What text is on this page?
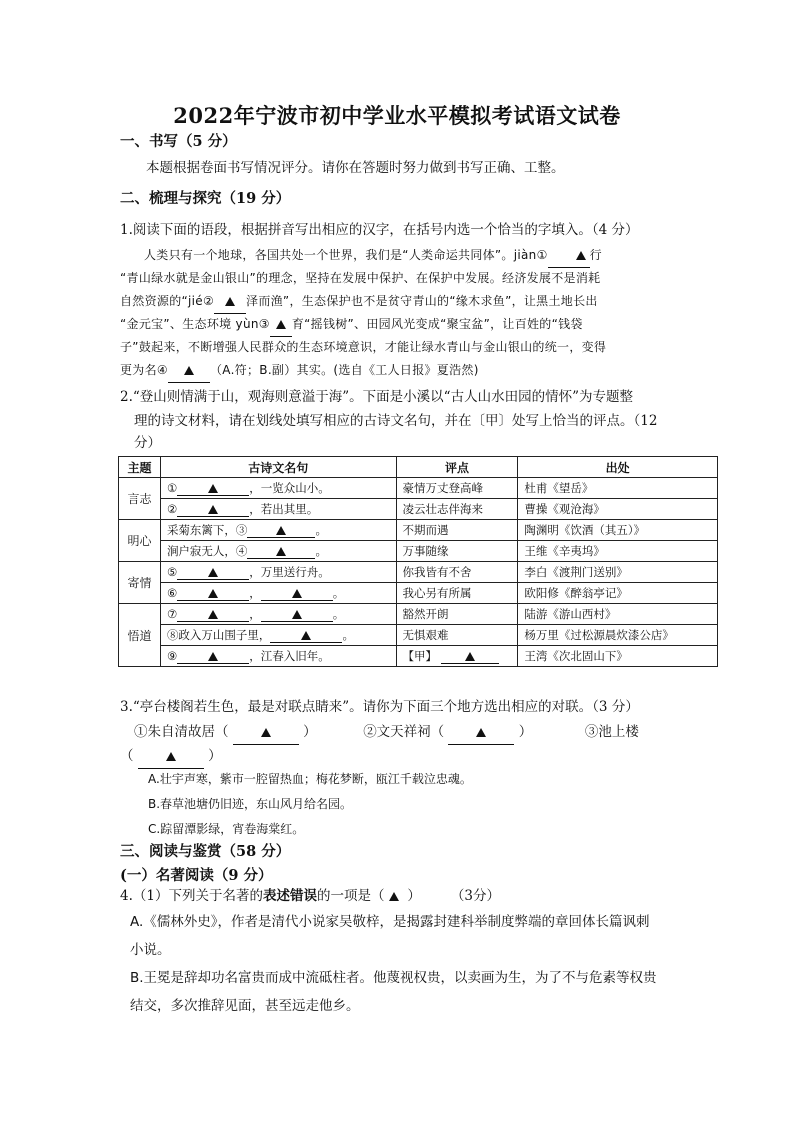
2022年宁波市初中学业水平模拟考试语文试卷
一、书写（5 分）
本题根据卷面书写情况评分。请你在答题时努力做到书写正确、工整。
二、梳理与探究（19 分）
1.阅读下面的语段，根据拼音写出相应的汉字，在括号内选一个恰当的字填入。（4 分）
人类只有一个地球，各国共处一个世界，我们是“人类命运共同体”。jiàn①	行
“青山绿水就是金山银山”的理念，坚持在发展中保护、在保护中发展。经济发展不是消耗
自然资源的“jié②	泽而渔”，生态保护也不是贫守青山的“缘木求鱼”，让黑土地长出
“金元宝”、生态环境 yùn③ 育“摇钱树”、田园风光变成“聚宝盆”，让百姓的“钱袋
子”鼓起来，不断增强人民群众的生态环境意识，才能让绿水青山与金山银山的统一，变得
更为名④	（A.符；B.副）其实。(选自《工人日报》夏浩然)
2.“登山则情满于山，观海则意溢于海”。下面是小溪以“古人山水田园的情怀”为专题整
理的诗文材料，请在划线处填写相应的古诗文名句，并在〔甲〕处写上恰当的评点。（12
分）
主题	古诗文名句	评点	出处
言志	① ，一览众山小。	豪情万丈登高峰	杜甫《望岳》
	② ，若出其里。	凌云壮志伴海来	曹操《观沧海》
明心	采菊东篱下，③ 。	不期而遇	陶渊明《饮酒（其五）》
	涧户寂无人，④ 。	万事随缘	王维《辛夷坞》
寄情	⑤ ，万里送行舟。	你我皆有不舍	李白《渡荆门送别》
	⑥ ， 。	我心另有所属	欧阳修《醉翁亭记》
悟道	⑦ ， 。	豁然开朗	陆游《游山西村》
	⑧政入万山围子里， 。	无惧艰难	杨万里《过松源晨炊漆公店》
	⑨ ，江春入旧年。	【甲】	王湾《次北固山下》
3.“亭台楼阁若生色，最是对联点睛来”。请你为下面三个地方选出相应的对联。（3 分）
①朱自清故居（	）	②文天祥祠（	）	③池上楼
（	）
A.壮宇声寒，紫市一腔留热血；梅花梦断，瓯江千载泣忠魂。
B.春草池塘仍旧迹，东山风月给名园。
C.踪留潭影绿，宵卷海棠红。
三、阅读与鉴赏（58 分）
(一）名著阅读（9 分）
4.（1）下列关于名著的表述错误的一项是（ ） （3分）
A.《儒林外史》，作者是清代小说家吴敬梓，是揭露封建科举制度弊端的章回体长篇讽刺
小说。
B.王冕是辞却功名富贵而成中流砥柱者。他蔑视权贵，以卖画为生，为了不与危素等权贵
结交，多次推辞见面，甚至远走他乡。
